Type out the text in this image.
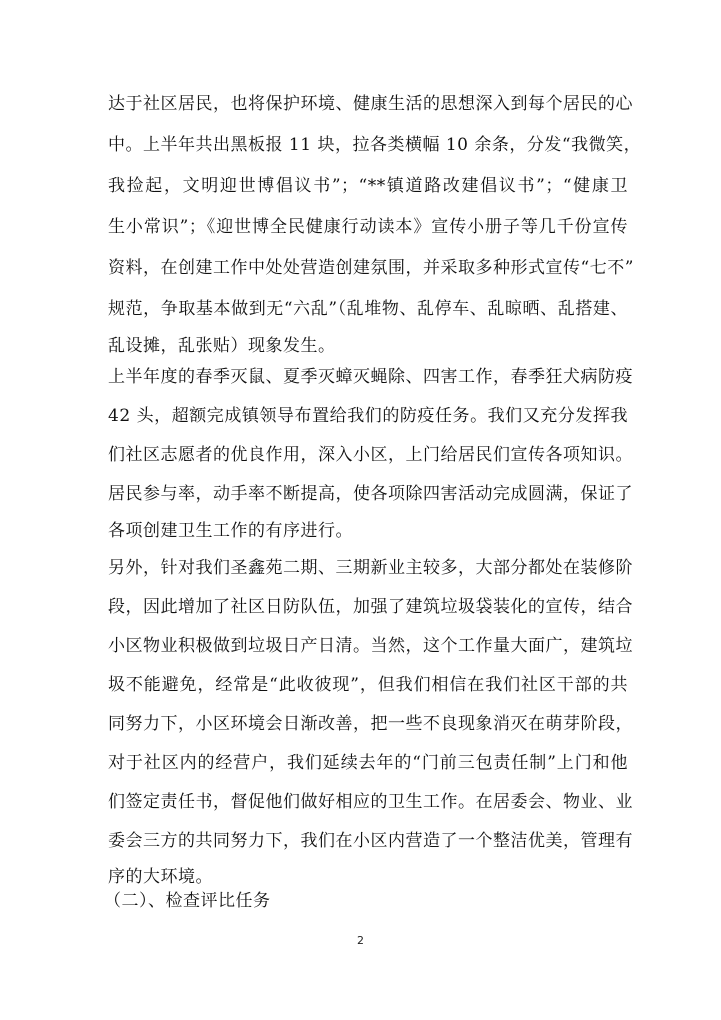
达于社区居民，也将保护环境、健康生活的思想深入到每个居民的心
中。上半年共出黑板报 11 块，拉各类横幅 10 余条，分发“我微笑，
我捡起，文明迎世博倡议书”；“**镇道路改建倡议书”；“健康卫
生小常识”；《迎世博全民健康行动读本》宣传小册子等几千份宣传
资料，在创建工作中处处营造创建氛围，并采取多种形式宣传“七不”
规范，争取基本做到无“六乱”（乱堆物、乱停车、乱晾晒、乱搭建、
乱设摊，乱张贴）现象发生。
上半年度的春季灭鼠、夏季灭蟑灭蝇除、四害工作，春季狂犬病防疫
42 头，超额完成镇领导布置给我们的防疫任务。我们又充分发挥我
们社区志愿者的优良作用，深入小区，上门给居民们宣传各项知识。
居民参与率，动手率不断提高，使各项除四害活动完成圆满，保证了
各项创建卫生工作的有序进行。
另外，针对我们圣鑫苑二期、三期新业主较多，大部分都处在装修阶
段，因此增加了社区日防队伍，加强了建筑垃圾袋装化的宣传，结合
小区物业积极做到垃圾日产日清。当然，这个工作量大面广，建筑垃
圾不能避免，经常是“此收彼现”，但我们相信在我们社区干部的共
同努力下，小区环境会日渐改善，把一些不良现象消灭在萌芽阶段，
对于社区内的经营户，我们延续去年的“门前三包责任制”上门和他
们签定责任书，督促他们做好相应的卫生工作。在居委会、物业、业
委会三方的共同努力下，我们在小区内营造了一个整洁优美，管理有
2
序的大环境。
（二）、检查评比任务
